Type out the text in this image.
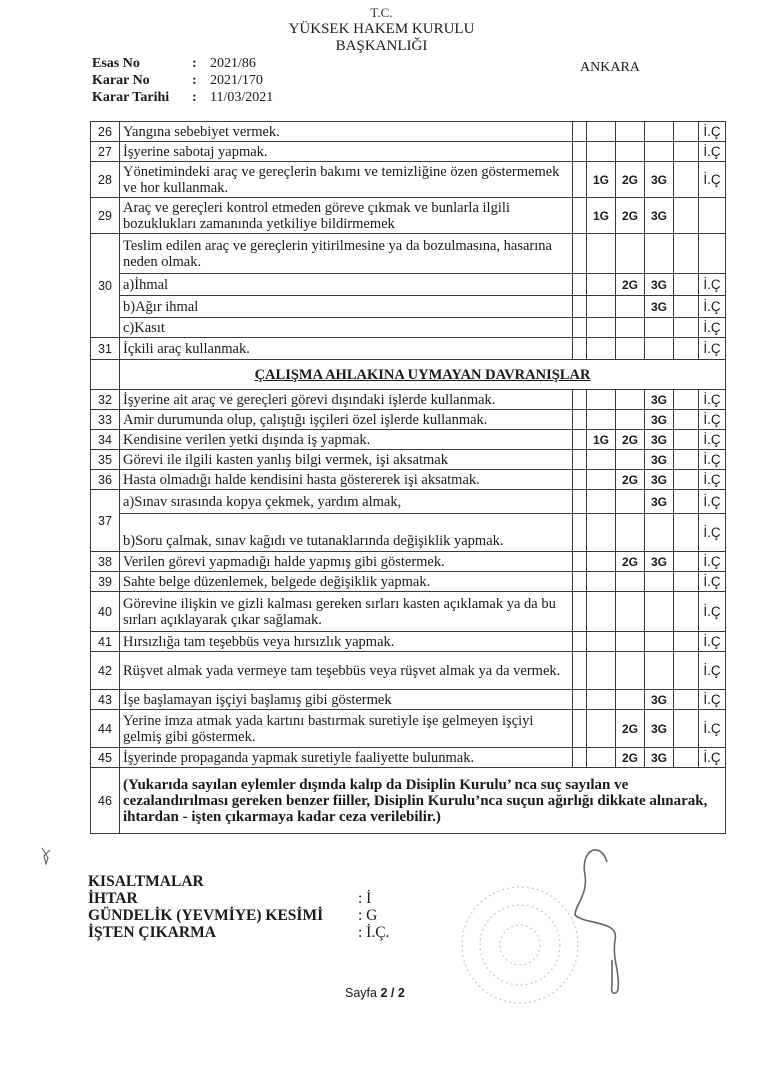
T.C.
YÜKSEK HAKEM KURULU
BAŞKANLIĞI
Esas No	: 2021/86
Karar No	: 2021/170
Karar Tarihi	: 11/03/2021
ANKARA
26	Yangına sebebiyet vermek.						İ.Ç
27	İşyerine sabotaj yapmak.						İ.Ç
28	Yönetimindeki araç ve gereçlerin bakımı ve temizliğine özen göstermemek ve hor kullanmak.		1G	2G	3G		İ.Ç
29	Araç ve gereçleri kontrol etmeden göreve çıkmak ve bunlarla ilgili bozuklukları zamanında yetkiliye bildirmemek		1G	2G	3G		
30	Teslim edilen araç ve gereçlerin yitirilmesine ya da bozulmasına, hasarına neden olmak.						
	a)İhmal			2G	3G		İ.Ç
	b)Ağır ihmal				3G		İ.Ç
	c)Kasıt						İ.Ç
31	İçkili araç kullanmak.						İ.Ç
	ÇALIŞMA AHLAKINA UYMAYAN DAVRANIŞLAR						
32	İşyerine ait araç ve gereçleri görevi dışındaki işlerde kullanmak.				3G		İ.Ç
33	Amir durumunda olup, çalıştığı işçileri özel işlerde kullanmak.				3G		İ.Ç
34	Kendisine verilen yetki dışında iş yapmak.		1G	2G	3G		İ.Ç
35	Görevi ile ilgili kasten yanlış bilgi vermek, işi aksatmak				3G		İ.Ç
36	Hasta olmadığı halde kendisini hasta göstererek işi aksatmak.			2G	3G		İ.Ç
37	a)Sınav sırasında kopya çekmek, yardım almak,				3G		İ.Ç
	b)Soru çalmak, sınav kağıdı ve tutanaklarında değişiklik yapmak.						İ.Ç
38	Verilen görevi yapmadığı halde yapmış gibi göstermek.			2G	3G		İ.Ç
39	Sahte belge düzenlemek, belgede değişiklik yapmak.						İ.Ç
40	Görevine ilişkin ve gizli kalması gereken sırları kasten açıklamak ya da bu sırları açıklayarak çıkar sağlamak.						İ.Ç
41	Hırsızlığa tam teşebbüs veya hırsızlık yapmak.						İ.Ç
42	Rüşvet almak yada vermeye tam teşebbüs veya rüşvet almak ya da vermek.						İ.Ç
43	İşe başlamayan işçiyi başlamış gibi göstermek				3G		İ.Ç
44	Yerine imza atmak yada kartını bastırmak suretiyle işe gelmeyen işçiyi gelmiş gibi göstermek.			2G	3G		İ.Ç
45	İşyerinde propaganda yapmak suretiyle faaliyette bulunmak.			2G	3G		İ.Ç
46	(Yukarıda sayılan eylemler dışında kalıp da Disiplin Kurulu’ nca suç sayılan ve cezalandırılması gereken benzer fiiller, Disiplin Kurulu’nca suçun ağırlığı dikkate alınarak, ihtardan - işten çıkarmaya kadar ceza verilebilir.)						
KISALTMALAR
İHTAR	: İ
GÜNDELİK (YEVMİYE) KESİMİ	: G
İŞTEN ÇIKARMA	: İ.Ç.
Sayfa 2 / 2
